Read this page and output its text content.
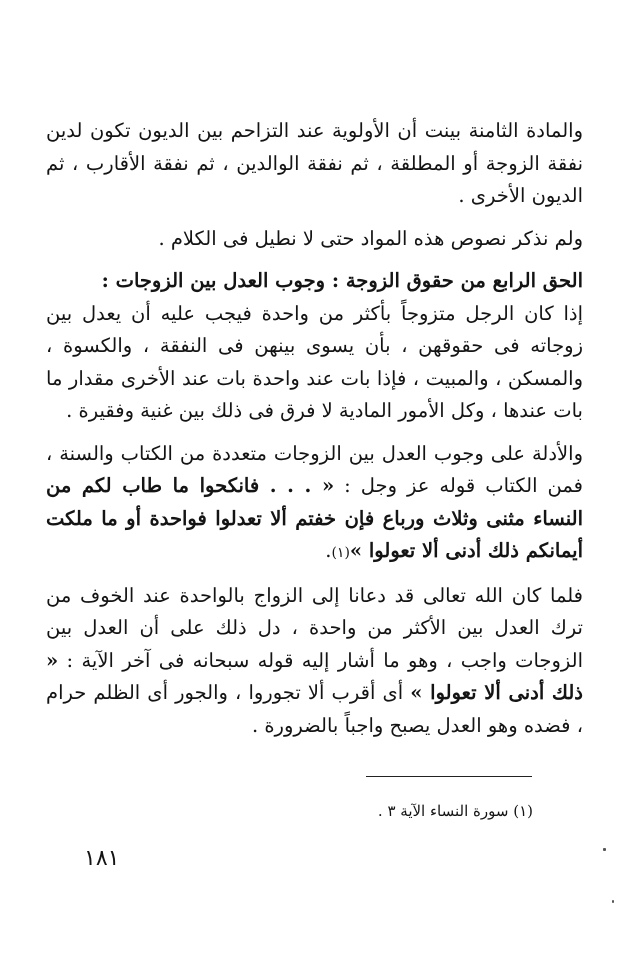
والمادة الثامنة بينت أن الأولوية عند التزاحم بين الديون تكون لدين نفقة الزوجة أو المطلقة ، ثم نفقة الوالدين ، ثم نفقة الأقارب ، ثم الديون الأخرى .

ولم نذكر نصوص هذه المواد حتى لا نطيل فى الكلام .

الحق الرابع من حقوق الزوجة : وجوب العدل بين الزوجات :

إذا كان الرجل متزوجاً بأكثر من واحدة فيجب عليه أن يعدل بين زوجاته فى حقوقهن ، بأن يسوى بينهن فى النفقة ، والكسوة ، والمسكن ، والمبيت ، فإذا بات عند واحدة بات عند الأخرى مقدار ما بات عندها ، وكل الأمور المادية لا فرق فى ذلك بين غنية وفقيرة .

والأدلة على وجوب العدل بين الزوجات متعددة من الكتاب والسنة ، فمن الكتاب قوله عز وجل : « . . . فانكحوا ما طاب لكم من النساء مثنى وثلاث ورباع فإن خفتم ألا تعدلوا فواحدة أو ما ملكت أيمانكم ذلك أدنى ألا تعولوا »(١).

فلما كان الله تعالى قد دعانا إلى الزواج بالواحدة عند الخوف من ترك العدل بين الأكثر من واحدة ، دل ذلك على أن العدل بين الزوجات واجب ، وهو ما أشار إليه قوله سبحانه فى آخر الآية : « ذلك أدنى ألا تعولوا » أى أقرب ألا تجوروا ، والجور أى الظلم حرام ، فضده وهو العدل يصبح واجباً بالضرورة .

(١) سورة النساء الآية ٣ .
١٨١
